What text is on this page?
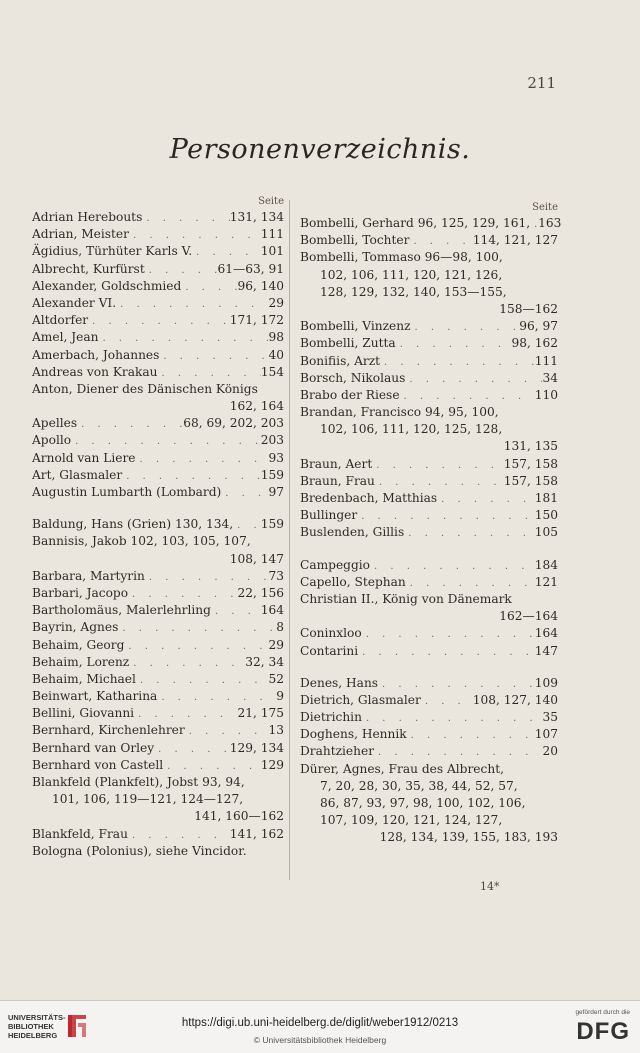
211
Personenverzeichnis.
Seite
Adrian Herebouts . . .	131, 134
Adrian, Meister . . .	111
Ägidius, Türhüter Karls V. . . .	101
Albrecht, Kurfürst . . .	61—63, 91
Alexander, Goldschmied . . .	96, 140
Alexander VI. . . .	29
Altdorfer . . .	171, 172
Amel, Jean . . .	98
Amerbach, Johannes . . .	40
Andreas von Krakau . . .	154
Anton, Diener des Dänischen Königs
162, 164
Apelles . . .	68, 69, 202, 203
Apollo . . .	203
Arnold van Liere . . .	93
Art, Glasmaler . . .	159
Augustin Lumbarth (Lombard) . . .	97
Baldung, Hans (Grien) 130, 134, . . . 159
Bannisis, Jakob 102, 103, 105, 107,
108, 147
Barbara, Martyrin . . .	73
Barbari, Jacopo . . .	22, 156
Bartholomäus, Malerlehrling . . .	164
Bayrin, Agnes . . .	8
Behaim, Georg . . .	29
Behaim, Lorenz . . .	32, 34
Behaim, Michael . . .	52
Beinwart, Katharina . . .	9
Bellini, Giovanni . . .	21, 175
Bernhard, Kirchenlehrer . . .	13
Bernhard van Orley . . .	129, 134
Bernhard von Castell . . .	129
Blankfeld (Plankfelt), Jobst 93, 94,
101, 106, 119—121, 124—127,
141, 160—162
Blankfeld, Frau . . .	141, 162
Bologna (Polonius), siehe Vincidor.
Seite
Bombelli, Gerhard 96, 125, 129, 161, . . . 163
Bombelli, Tochter . . .	114, 121, 127
Bombelli, Tommaso 96—98, 100,
102, 106, 111, 120, 121, 126,
128, 129, 132, 140, 153—155,
158—162
Bombelli, Vinzenz . . .	96, 97
Bombelli, Zutta . . .	98, 162
Bonifiis, Arzt . . .	111
Borsch, Nikolaus . . .	34
Brabo der Riese . . .	110
Brandan, Francisco 94, 95, 100,
102, 106, 111, 120, 125, 128,
131, 135
Braun, Aert . . .	157, 158
Braun, Frau . . .	157, 158
Bredenbach, Matthias . . .	181
Bullinger . . .	150
Buslenden, Gillis . . .	105
Campeggio . . .	184
Capello, Stephan . . .	121
Christian II., König von Dänemark
162—164
Coninxloo . . .	164
Contarini . . .	147
Denes, Hans . . .	109
Dietrich, Glasmaler . . .	108, 127, 140
Dietrichin . . .	35
Doghens, Hennik . . .	107
Drahtzieher . . .	20
Dürer, Agnes, Frau des Albrecht,
7, 20, 28, 30, 35, 38, 44, 52, 57,
86, 87, 93, 97, 98, 100, 102, 106,
107, 109, 120, 121, 124, 127,
128, 134, 139, 155, 183, 193
14*
UNIVERSITÄTS-
BIBLIOTHEK
HEIDELBERG
https://digi.ub.uni-heidelberg.de/diglit/weber1912/0213
© Universitätsbibliothek Heidelberg
gefördert durch die
DFG
